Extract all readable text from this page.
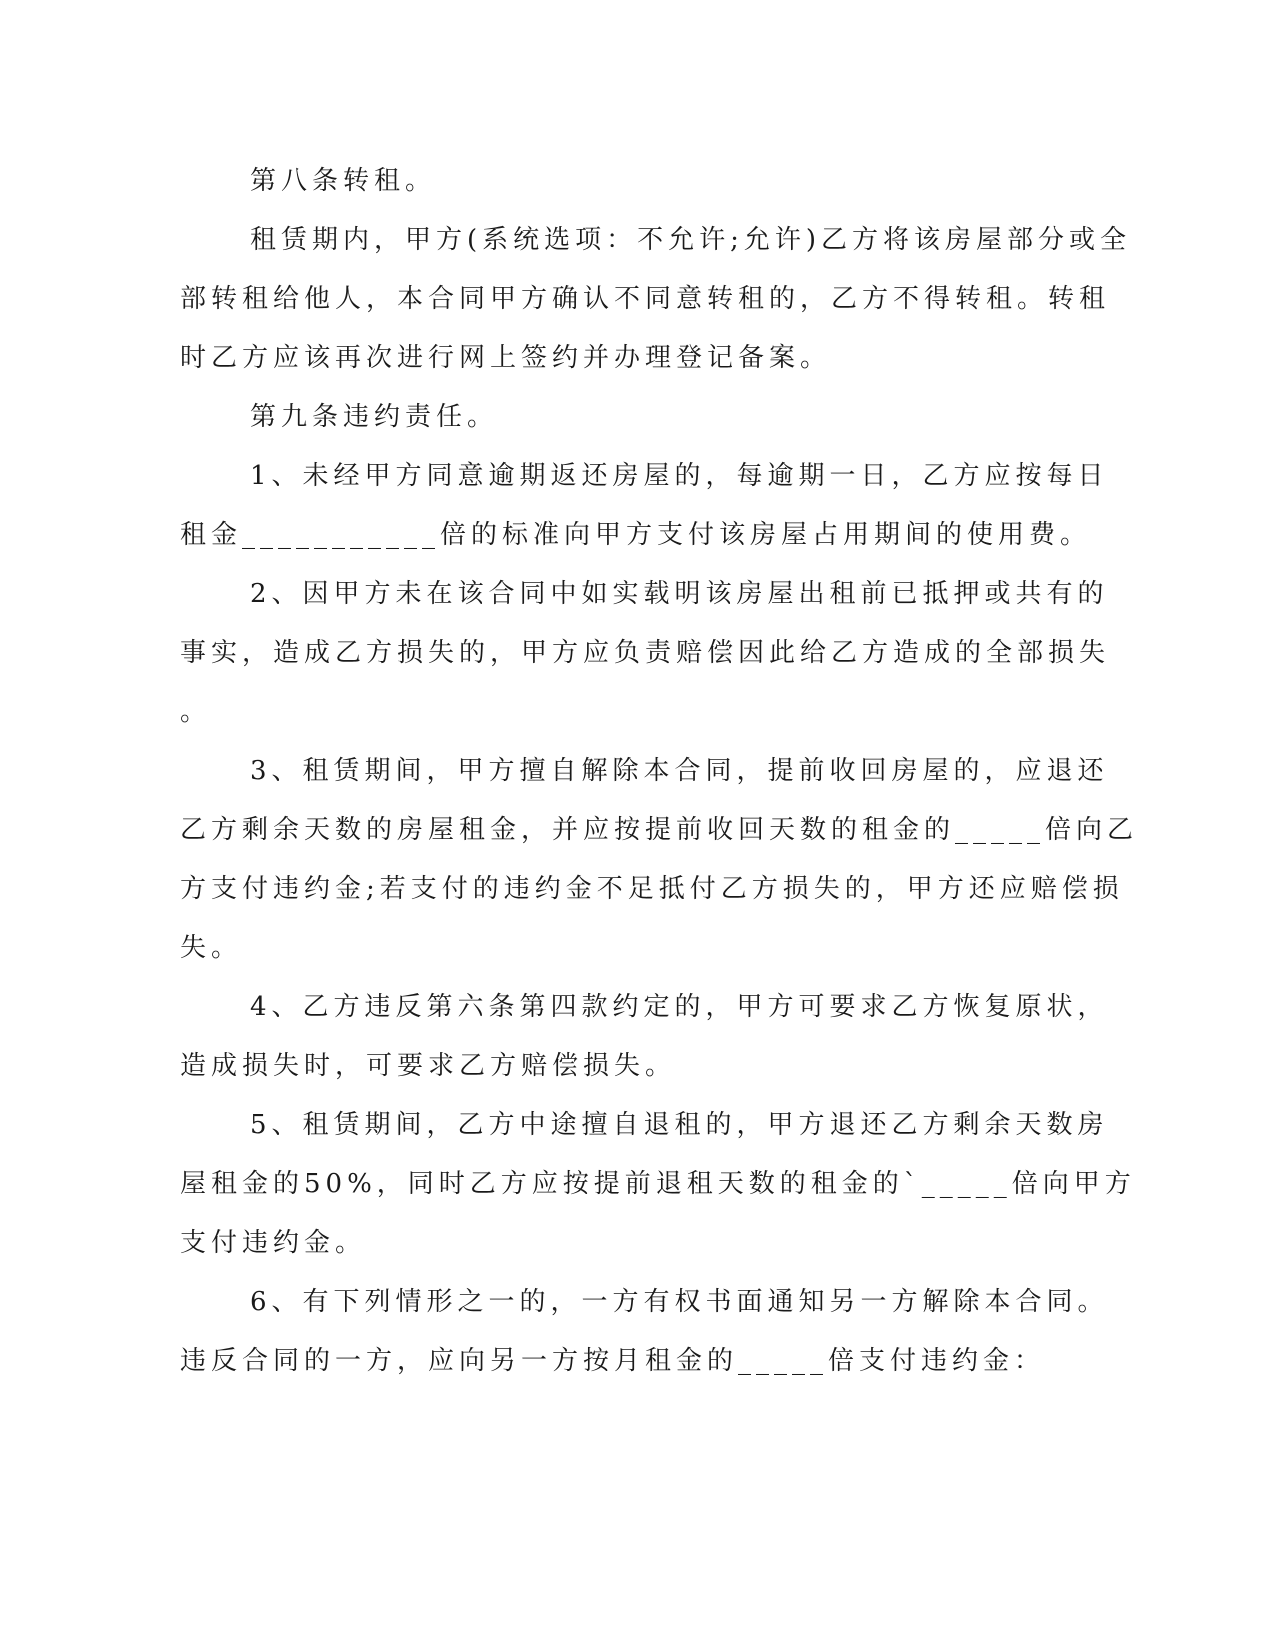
第八条转租。

租赁期内，甲方(系统选项：不允许;允许)乙方将该房屋部分或全

部转租给他人，本合同甲方确认不同意转租的，乙方不得转租。转租

时乙方应该再次进行网上签约并办理登记备案。

第九条违约责任。

1、未经甲方同意逾期返还房屋的，每逾期一日，乙方应按每日

租金___________倍的标准向甲方支付该房屋占用期间的使用费。

2、因甲方未在该合同中如实载明该房屋出租前已抵押或共有的

事实，造成乙方损失的，甲方应负责赔偿因此给乙方造成的全部损失

。

3、租赁期间，甲方擅自解除本合同，提前收回房屋的，应退还

乙方剩余天数的房屋租金，并应按提前收回天数的租金的_____倍向乙

方支付违约金;若支付的违约金不足抵付乙方损失的，甲方还应赔偿损

失。

4、乙方违反第六条第四款约定的，甲方可要求乙方恢复原状，

造成损失时，可要求乙方赔偿损失。

5、租赁期间，乙方中途擅自退租的，甲方退还乙方剩余天数房

屋租金的50%，同时乙方应按提前退租天数的租金的`_____倍向甲方

支付违约金。

6、有下列情形之一的，一方有权书面通知另一方解除本合同。

违反合同的一方，应向另一方按月租金的_____倍支付违约金：
